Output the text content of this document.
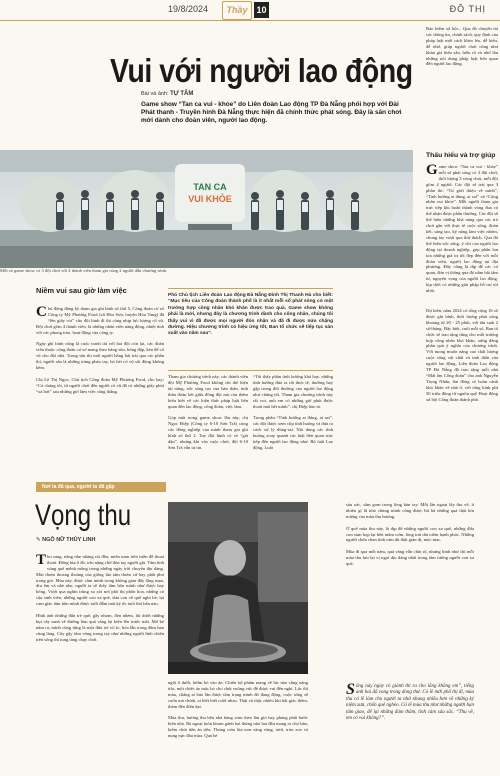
19/8/2024	Thầy 10	ĐÔ THỊ
Vui với người lao động
Bài và ảnh: TỰ TÂM
Game show “Tan ca vui - khỏe” do Liên đoàn Lao động TP Đà Nẵng phối hợp với Đài Phát thanh - Truyền hình Đà Nẵng thực hiện đã chính thức phát sóng. Đây là sân chơi mới dành cho đoàn viên, người lao động.
Bảo hiểm xã hội... Qua đó chuyển tải các thông tin, chính sách, quy định của pháp luật mới cách khéo léo, dễ hiểu, dễ nhớ, giúp người chơi cũng như khán giả hiểu sâu, hiểu rõ và nhớ lâu những nội dung pháp luật liên quan đến người lao động.
Thấu hiểu và trợ giúp
Game show “Tan ca vui - khỏe” mỗi số phát sóng có 3 đội chơi, thời lượng 3 vòng chơi, mỗi đội gồm 4 người. Các đội sẽ trải qua 3 phần thi: “Tư giới thiệu về mình”, “Tinh hướng ai dùng, ai sai” và “Cộng nhân vui khỏe”. Mỗi người tham gia trực tiếp khi hoàn thành vòng đua có thể nhận được phần thưởng. Các đội sẽ thể hiện những khả năng qua các trò chơi gắn với thực tế cuộc sống, đoàn kết, sáng tạo, kỹ năng làm việc nhóm, chung tay vượt qua thử thách. Qua đó thể hiện sức sống, ý chí của người lao động tại doanh nghiệp, góp phần lan tỏa những giá trị tốt đẹp đến với mỗi đoàn viên, người lao động tại địa phương. Đây cũng là dịp để các cơ quan, đơn vị thông qua đó nắm bắt tâm tư, nguyện vọng của người lao động, kịp thời có những giải pháp hỗ trợ tốt nhất.
Dự kiến, năm 2024 có tổng cộng 16 số được ghi hình, thời lượng phát sóng khoảng từ 20 - 25 phút, với tần suất 2 số/tháng. Đặc biệt, cuối mỗi số, Ban tổ chức sẽ trao tặng từng cho mỗi trường hợp công nhân khó khăn, xứng đáng phần quà ý nghĩa của chương trình. Với mong muốn nâng cao chất lượng cuộc sống vật chất và tinh thần của người lao động, Liên đoàn Lao động TP Đà Nẵng đã trao tặng mỗi nhà “Mái ấm Công đoàn” cho anh Nguyễn Trọng Nhân, làn đồng có hoàn cảnh khó khăn về nhà ở, với tổng kinh phí 50 triệu đồng từ nguồn quỹ Hoạt động xã hội Công đoàn thành phố.
TAN CA
VUI KHỎE
Mỗi số game show có 3 đội chơi với 4 thành viên tham gia cùng 2 người dẫn chương trình.
Niềm vui sau giờ làm việc

Chủ động đăng ký tham gia ghi hình số thứ 5, Công đoàn cơ sở Công ty Mỹ Phương Food (xã Hòa Sơn, huyện Hòa Vang) đã “lên giây cót” cho đội hình đi thi cùng nhịp lực lượng cổ vũ. Đội chơi gồm 4 thành viên, là những nhân viên năng động, nhiệt tình với các phong trào, hoạt động của công ty.

Ngày ghi hình cũng là cuộc tranh tài với hai đội còn lại, các đoàn viên thuộc công đoàn cơ sở mang theo băng-rôn, bông đập, kèn để cổ vũ cho đội nhà. Trong sân thi mới người hăng hái trải qua các phần thi, người sân là những tràng pháo tay, hò hét cổ vũ sôi động không kém.

Chị Lê Thị Ngọc, Chủ tịch Công đoàn Mỹ Phương Food, cho hay: “Cả chúng tôi, từ người chơi đến người cổ vũ đã có những giây phút “xả hơi” sau những giờ làm việc căng thẳng.

Phó Chủ tịch Liên đoàn Lao động Đà Nẵng Đinh Thị Thanh Hà cho biết: “Mục tiêu của Công đoàn thành phố là ít nhất mỗi số phát sóng có một trường hợp công nhân khó khăn được trao quà. Game show không phải là mới, nhưng đây là chương trình dành cho công nhân, chúng tôi thấy vui vì đã được mọi người đón nhận và đã đi được nửa chặng đường. Hiệu chương trình có hiệu ứng tốt, Ban tổ chức sẽ tiếp tục sản xuất vào năm sau”.
Tham gia chương trình này, các thành viên đội Mỹ Phương Food không chỉ thể hiện tài năng, sức sáng tạo của bản thân, tinh thần đoàn kết giữa đồng đội mà còn thêm hiểu biết về các kiến thức pháp luật liên quan đến lao động, công đoàn, việc làm.

Góp mặt trong game show lần này, chị Ngọc Điệp (Công ty 6-10 Sơn Trà) cùng các đồng nghiệp của mình tham gia ghi hình số thứ 2. Tuy đội hình có vẻ “già dặn”, nhưng khi vào cuộc chơi, đội 6-10 Sơn Trà vẫn tự tin.
“Tôi thấy phần tình hướng khá hay, những tình hướng đưa ra rất thực tế, thường hay gặp trong đời thường của người lao động như chúng tôi. Tham gia chương trình này rất vui, anh em có những giờ phút được thoải mái hết mình”, chị Điệp hào tỏ.

Trong phần “Tình hướng ai đúng, ai sai”, các đội được xem clip tình huống và đưa ra cách xử lý đúng-sai. Nội dung các tình huống xoay quanh các luật liên quan trực tiếp đến người lao động như: Bộ luật Lao động, Luật
Nơi ta đã qua, người ta đã gặp
Vọng thu
✎ NGÔ NỮ THỦY LINH

Thu sang, nắng nhẹ nhàng rải đều, miên man trên triền đê thoai thoải. Đồng lúa ở đó, trĩu nặng chờ đón tay người gặt. Tâm tình vùng quê mênh mông trong những ngày trời chuyển dịu dàng. Mùi thơm thoang thoảng của giống lúa tám thơm cứ bay phất phơ trong gió. Mùa này, được cầm mình trong không gian đầy lãng mạn, dìu êm và nhè nhẹ, người ta sẽ thấy tâm hồn mình như được bay bổng. Vượt qua nghìn trùng xa xôi nơi phố thị phồn hoa, những cô cậu sinh viên, những người con xa quê, dưa con về quê nghỉ hè; lại cam giác tâm hồn mình được tưới đẫm mát kỷ ức tuổi thơ hằn nào.

Hình ảnh những đứa trẻ quê, gầy nhom, đen nhẻm, lúi dưới những bụi cây sanh vẽ đường làm quá vàng lại hiện lên trước mắt. Mở bé năm ra, mình cũng từng là một đứa trẻ vô lo, hòa lẫn trong đám bạn cùng làng. Cây gậy tầm vông trong tay như những người lính chiến trên sông thì tung tăng chạy chơi.

ngồi ở dưới, lườm bò vào ăn. Chiến lợi phẩm mang về lúc nào cũng nặng trĩu, một chiếc áo mặc bỏ cho chút vuông vức để được vui đến nghỉ. Lúc thì mùa, chẳng ai bảo lần được tâm trạng mình đó đang động, cuộc sống sẽ cuốn mà chính, ai biết biết cười nhau. Thật và thật, nhiều khi hãi giác thêm, thèm đến điên dại.

Mùa thu, hương thu bên nhà hàng xóm theo làn gió bay phảng phất bước hiên nhà. Bà ngoại luôn khom gánh hai thúng nhỏ hai đầu mang ra chợ bán, kiếm chút tiền ăn tiêu. Thủng cơm lúa non vàng vàng, tươi, tròn xoe và nụng nực đầu mùa. Quả bé
sáu xác, sắm gom trong lòng bàn tay. Mỗi lần ngoại lấy thu về, ít nhiều gì lũ nhỏ chúng mình cũng được hít hà những quả thật kín miệng của mùa thu hương.

Ở quê mùa thu này, là dịp để những người con xa quê, những đứa con sum họp lại bên mâm cơm, lòng trải dài niềm hạnh phúc. Những người chứa chan tình cảm dù thật giản dị, mộc mạc.

Mùa đi qua mỗi năm, quá vàng vẫn chín rộ, nhưng hình như chỉ mỗi mùa thu lưu lại vị ngọt dịu dàng nhất trong tâm tưởng người con xa quê.
Sống này ngày có giành thì ra cho lăng không em”, tiếng anh hai đã vang trong dòng thư. Có lẽ mới phố thị đi, mùa thu có lẽ làm cho người ta nhớ nhung nhiều hơn về những kỷ niệm xưa, chốn quê nghèo. Có lẽ mùa thu như những người bạn tâm giao, để lại những đảm thắm, tình cảm sâu sắc. “Thu về, em có vui không?”.
